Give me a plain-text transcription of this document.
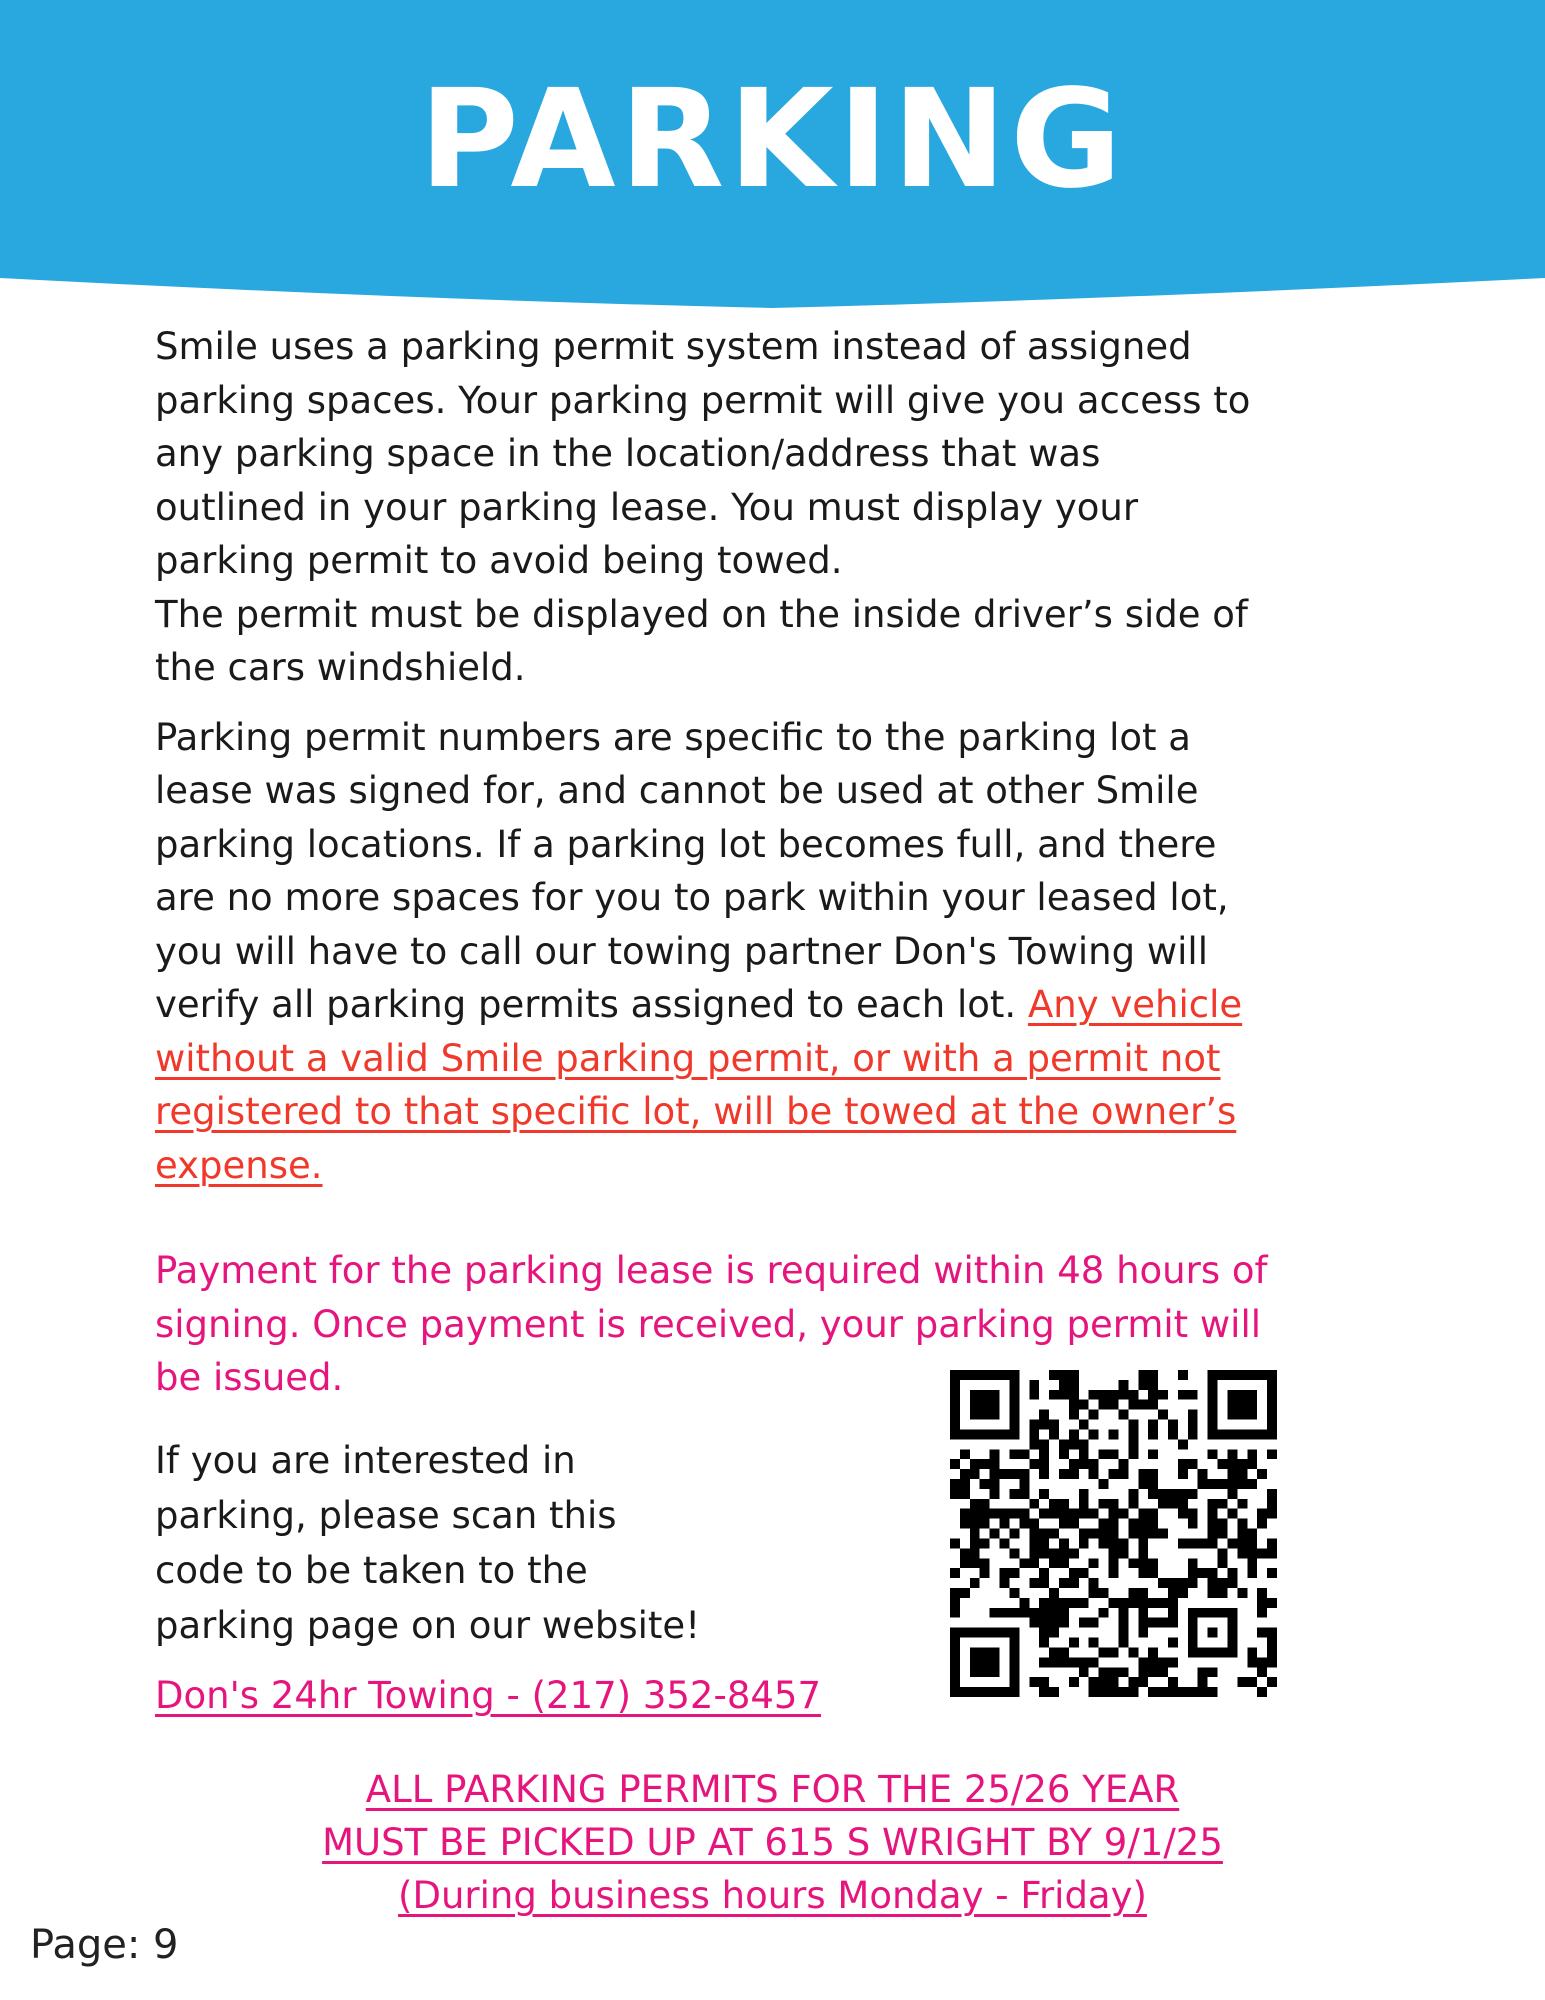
PARKING

Smile uses a parking permit system instead of assigned
parking spaces. Your parking permit will give you access to
any parking space in the location/address that was
outlined in your parking lease. You must display your
parking permit to avoid being towed.
The permit must be displayed on the inside driver’s side of
the cars windshield.

Parking permit numbers are specific to the parking lot a
lease was signed for, and cannot be used at other Smile
parking locations. If a parking lot becomes full, and there
are no more spaces for you to park within your leased lot,
you will have to call our towing partner Don's Towing will
verify all parking permits assigned to each lot. Any vehicle
without a valid Smile parking permit, or with a permit not
registered to that specific lot, will be towed at the owner’s
expense.

Payment for the parking lease is required within 48 hours of
signing. Once payment is received, your parking permit will
be issued.

If you are interested in
parking, please scan this
code to be taken to the
parking page on our website!
Don's 24hr Towing - (217) 352-8457
ALL PARKING PERMITS FOR THE 25/26 YEAR
MUST BE PICKED UP AT 615 S WRIGHT BY 9/1/25
(During business hours Monday - Friday)
Page: 9
